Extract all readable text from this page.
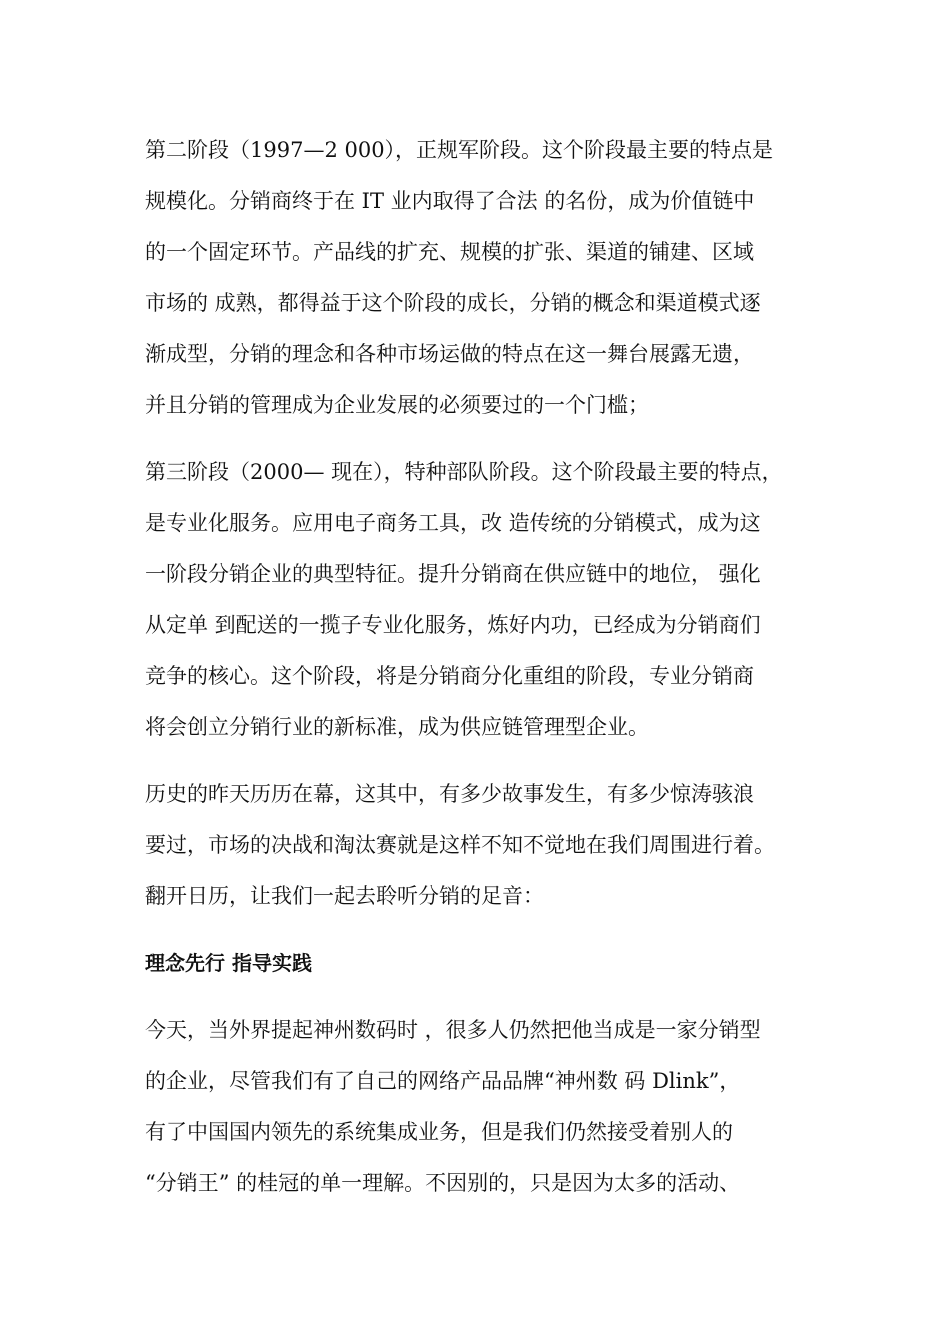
第二阶段（1997—2 000），正规军阶段。这个阶段最主要的特点是
规模化。分销商终于在 IT 业内取得了合法 的名份，成为价值链中
的一个固定环节。产品线的扩充、规模的扩张、渠道的铺建、区域
市场的 成熟，都得益于这个阶段的成长，分销的概念和渠道模式逐
渐成型，分销的理念和各种市场运做的特点在这一舞台展露无遗，
并且分销的管理成为企业发展的必须要过的一个门槛；
第三阶段（2000— 现在），特种部队阶段。这个阶段最主要的特点，
是专业化服务。应用电子商务工具，改 造传统的分销模式，成为这
一阶段分销企业的典型特征。提升分销商在供应链中的地位， 强化
从定单 到配送的一揽子专业化服务，炼好内功，已经成为分销商们
竞争的核心。这个阶段，将是分销商分化重组的阶段，专业分销商
将会创立分销行业的新标准，成为供应链管理型企业。
历史的昨天历历在幕，这其中，有多少故事发生，有多少惊涛骇浪
要过，市场的决战和淘汰赛就是这样不知不觉地在我们周围进行着。
翻开日历，让我们一起去聆听分销的足音：
理念先行 指导实践
今天，当外界提起神州数码时 ，很多人仍然把他当成是一家分销型
的企业，尽管我们有了自己的网络产品品牌“神州数 码 Dlink”，
有了中国国内领先的系统集成业务，但是我们仍然接受着别人的
“分销王” 的桂冠的单一理解。不因别的，只是因为太多的活动、
